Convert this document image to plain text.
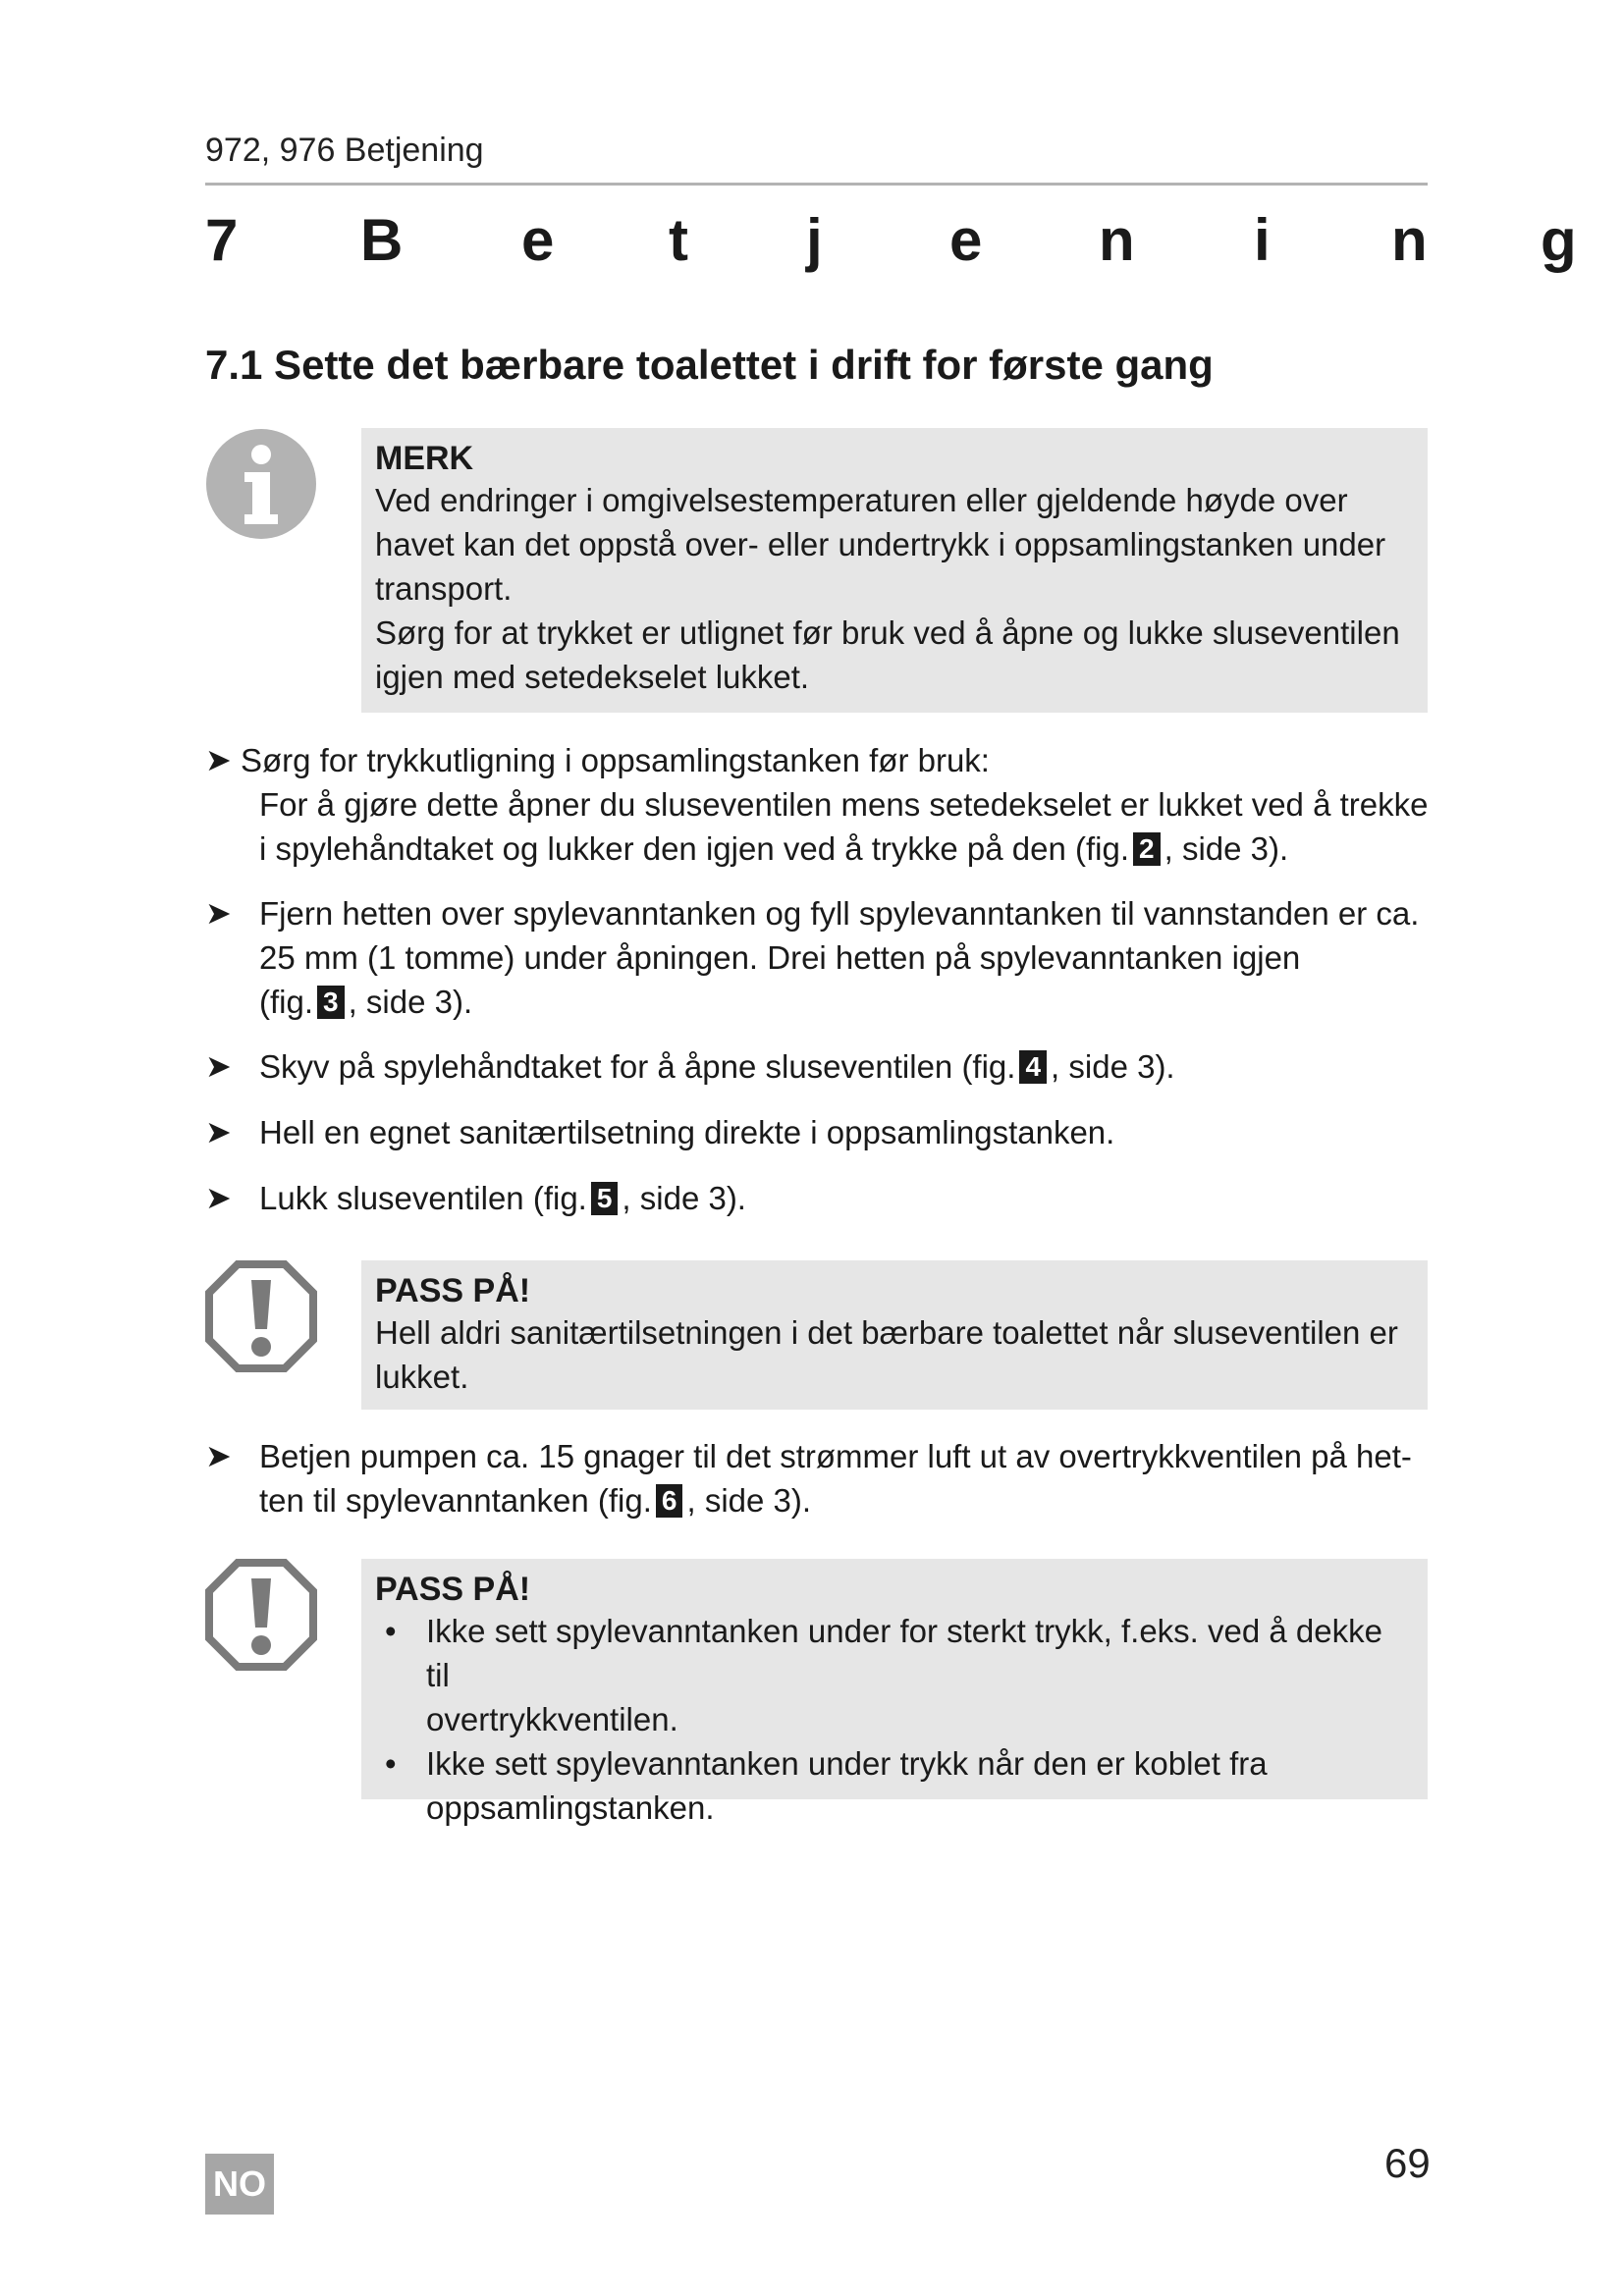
972, 976 Betjening
7 B e t j e n i n g
7.1 Sette det bærbare toalettet i drift for første gang
MERK
Ved endringer i omgivelsestemperaturen eller gjeldende høyde over
havet kan det oppstå over- eller undertrykk i oppsamlingstanken under
transport.
Sørg for at trykket er utlignet før bruk ved å åpne og lukke sluseventilen
igjen med setedekselet lukket.
➤ Sørg for trykkutligning i oppsamlingstanken før bruk:
For å gjøre dette åpner du sluseventilen mens setedekselet er lukket ved å trekke
i spylehåndtaket og lukker den igjen ved å trykke på den (fig. 2 , side 3).
➤ Fjern hetten over spylevanntanken og fyll spylevanntanken til vannstanden er ca.
25 mm (1 tomme) under åpningen. Drei hetten på spylevanntanken igjen
(fig. 3 , side 3).
➤ Skyv på spylehåndtaket for å åpne sluseventilen (fig. 4 , side 3).
➤ Hell en egnet sanitærtilsetning direkte i oppsamlingstanken.
➤ Lukk sluseventilen (fig. 5 , side 3).
PASS PÅ!
Hell aldri sanitærtilsetningen i det bærbare toalettet når sluseventilen er
lukket.
➤ Betjen pumpen ca. 15 gnager til det strømmer luft ut av overtrykkventilen på het-
ten til spylevanntanken (fig. 6 , side 3).
PASS PÅ!
• Ikke sett spylevanntanken under for sterkt trykk, f.eks. ved å dekke til
overtrykkventilen.
• Ikke sett spylevanntanken under trykk når den er koblet fra
oppsamlingstanken.
NO	69
